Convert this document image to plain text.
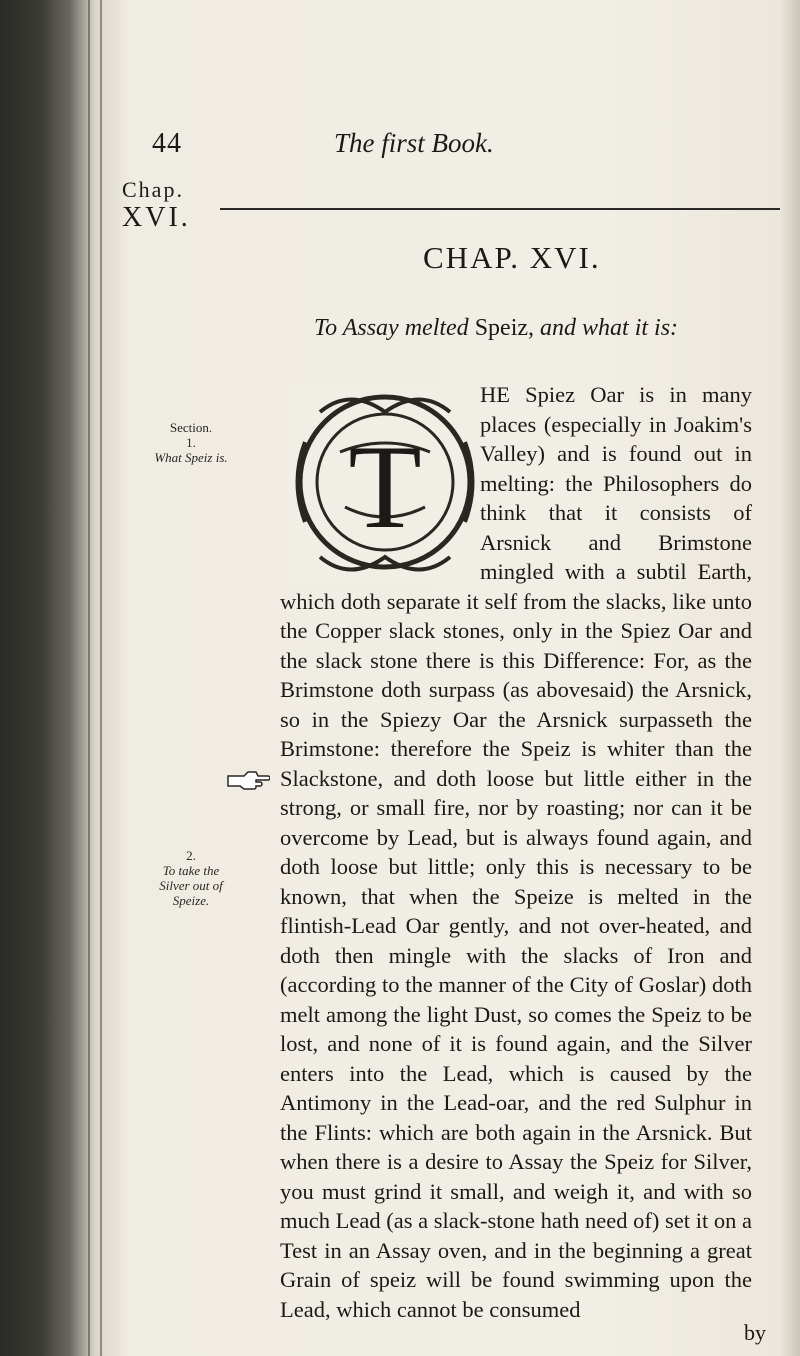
44	The first Book.
Chap.
XVI.
CHAP. XVI.
To Assay melted Speiz, and what it is:
Section.
1.
What Speiz is.
2.
To take the Silver out of Speize.
T
HE Spiez Oar is in many places (especially in Joakim's Valley) and is found out in melting: the Philosophers do think that it consists of Arsnick and Brimstone mingled with a subtil Earth, which doth separate it self from the slacks, like unto the Copper slack stones, only in the Spiez Oar and the slack stone there is this Difference: For, as the Brimstone doth surpass (as abovesaid) the Arsnick, so in the Spiezy Oar the Arsnick surpasseth the Brimstone: therefore the Speiz is whiter than the Slackstone, and doth loose but little either in the strong, or small fire, nor by roasting; nor can it be overcome by Lead, but is always found again, and doth loose but little; only this is necessary to be known, that when the Speize is melted in the flintish-Lead Oar gently, and not over-heated, and doth then mingle with the slacks of Iron and (according to the manner of the City of Goslar) doth melt among the light Dust, so comes the Speiz to be lost, and none of it is found again, and the Silver enters into the Lead, which is caused by the Antimony in the Lead-oar, and the red Sulphur in the Flints: which are both again in the Arsnick. But when there is a desire to Assay the Speiz for Silver, you must grind it small, and weigh it, and with so much Lead (as a slack-stone hath need of) set it on a Test in an Assay oven, and in the beginning a great Grain of speiz will be found swimming upon the Lead, which cannot be consumed
by
